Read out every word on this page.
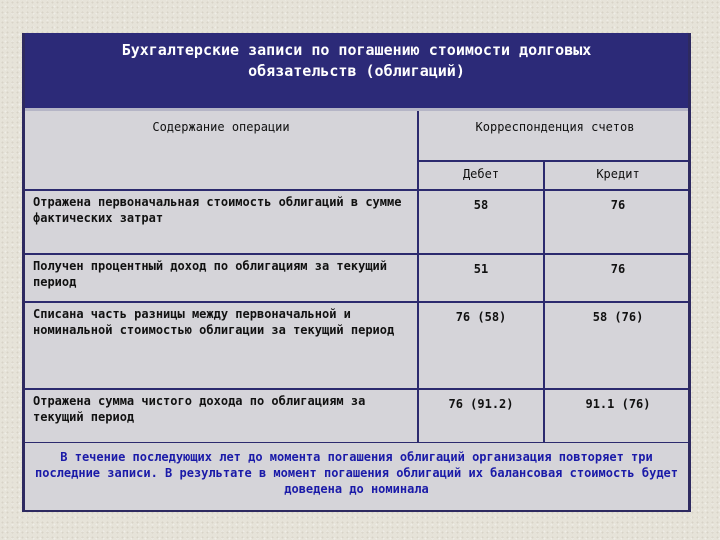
Бухгалтерские записи по погашению стоимости долговых обязательств (облигаций)
Содержание операции	Корреспонденция счетов	
	Дебет	Кредит
Отражена первоначальная стоимость облигаций в сумме фактических затрат	58	76
Получен процентный доход по облигациям за текущий период	51	76
Списана часть разницы между первоначальной и номинальной стоимостью облигации за текущий период	76 (58)	58 (76)
Отражена сумма чистого дохода по облигациям за текущий период	76 (91.2)	91.1 (76)
В течение последующих лет до момента погашения облигаций организация повторяет три последние записи. В результате в момент погашения облигаций их балансовая стоимость будет доведена до номинала
